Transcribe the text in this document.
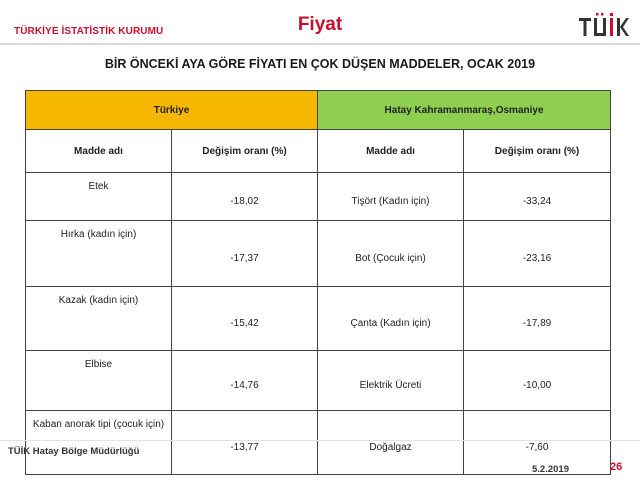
TÜRKİYE İSTATİSTİK KURUMU	Fiyat
BİR ÖNCEKİ AYA GÖRE FİYATI EN ÇOK DÜŞEN MADDELER, OCAK 2019
Türkiye		Hatay Kahramanmaraş,Osmaniye	
Madde adı	Değişim oranı (%)	Madde adı	Değişim oranı (%)
Etek	-18,02	Tişört (Kadın için)	-33,24
Hırka (kadın için)	-17,37	Bot (Çocuk için)	-23,16
Kazak (kadın için)	-15,42	Çanta (Kadın için)	-17,89
Elbise	-14,76	Elektrik Ücreti	-10,00
Kaban anorak tipi (çocuk için)	-13,77	Doğalgaz	-7,60
TÜİK Hatay Bölge Müdürlüğü
5.2.2019	26
